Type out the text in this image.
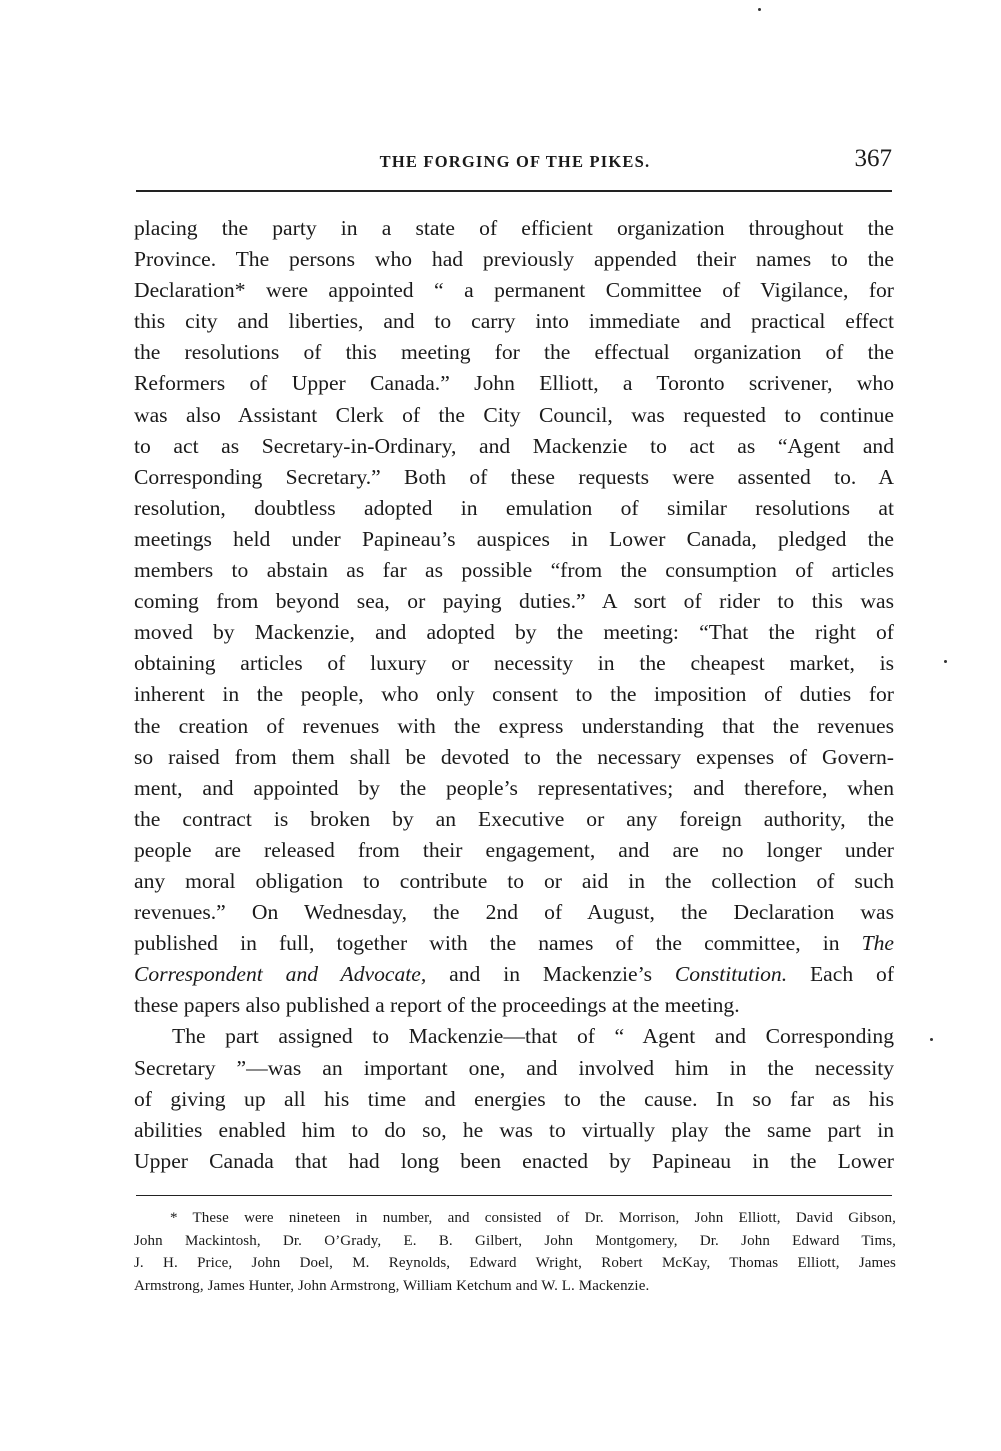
THE FORGING OF THE PIKES.	367

placing the party in a state of efficient organization throughout the
Province. The persons who had previously appended their names to the
Declaration* were appointed “ a permanent Committee of Vigilance, for
this city and liberties, and to carry into immediate and practical effect
the resolutions of this meeting for the effectual organization of the
Reformers of Upper Canada.” John Elliott, a Toronto scrivener, who
was also Assistant Clerk of the City Council, was requested to continue
to act as Secretary-in-Ordinary, and Mackenzie to act as “Agent and
Corresponding Secretary.” Both of these requests were assented to. A
resolution, doubtless adopted in emulation of similar resolutions at
meetings held under Papineau’s auspices in Lower Canada, pledged the
members to abstain as far as possible “from the consumption of articles
coming from beyond sea, or paying duties.” A sort of rider to this was
moved by Mackenzie, and adopted by the meeting: “That the right of
obtaining articles of luxury or necessity in the cheapest market, is
inherent in the people, who only consent to the imposition of duties for
the creation of revenues with the express understanding that the revenues
so raised from them shall be devoted to the necessary expenses of Govern-
ment, and appointed by the people’s representatives; and therefore, when
the contract is broken by an Executive or any foreign authority, the
people are released from their engagement, and are no longer under
any moral obligation to contribute to or aid in the collection of such
revenues.” On Wednesday, the 2nd of August, the Declaration was
published in full, together with the names of the committee, in The
Correspondent and Advocate, and in Mackenzie’s Constitution. Each of
these papers also published a report of the proceedings at the meeting.

The part assigned to Mackenzie—that of “ Agent and Corresponding
Secretary ”—was an important one, and involved him in the necessity
of giving up all his time and energies to the cause. In so far as his
abilities enabled him to do so, he was to virtually play the same part in
Upper Canada that had long been enacted by Papineau in the Lower

* These were nineteen in number, and consisted of Dr. Morrison, John Elliott, David Gibson,
John Mackintosh, Dr. O’Grady, E. B. Gilbert, John Montgomery, Dr. John Edward Tims,
J. H. Price, John Doel, M. Reynolds, Edward Wright, Robert McKay, Thomas Elliott, James
Armstrong, James Hunter, John Armstrong, William Ketchum and W. L. Mackenzie.
